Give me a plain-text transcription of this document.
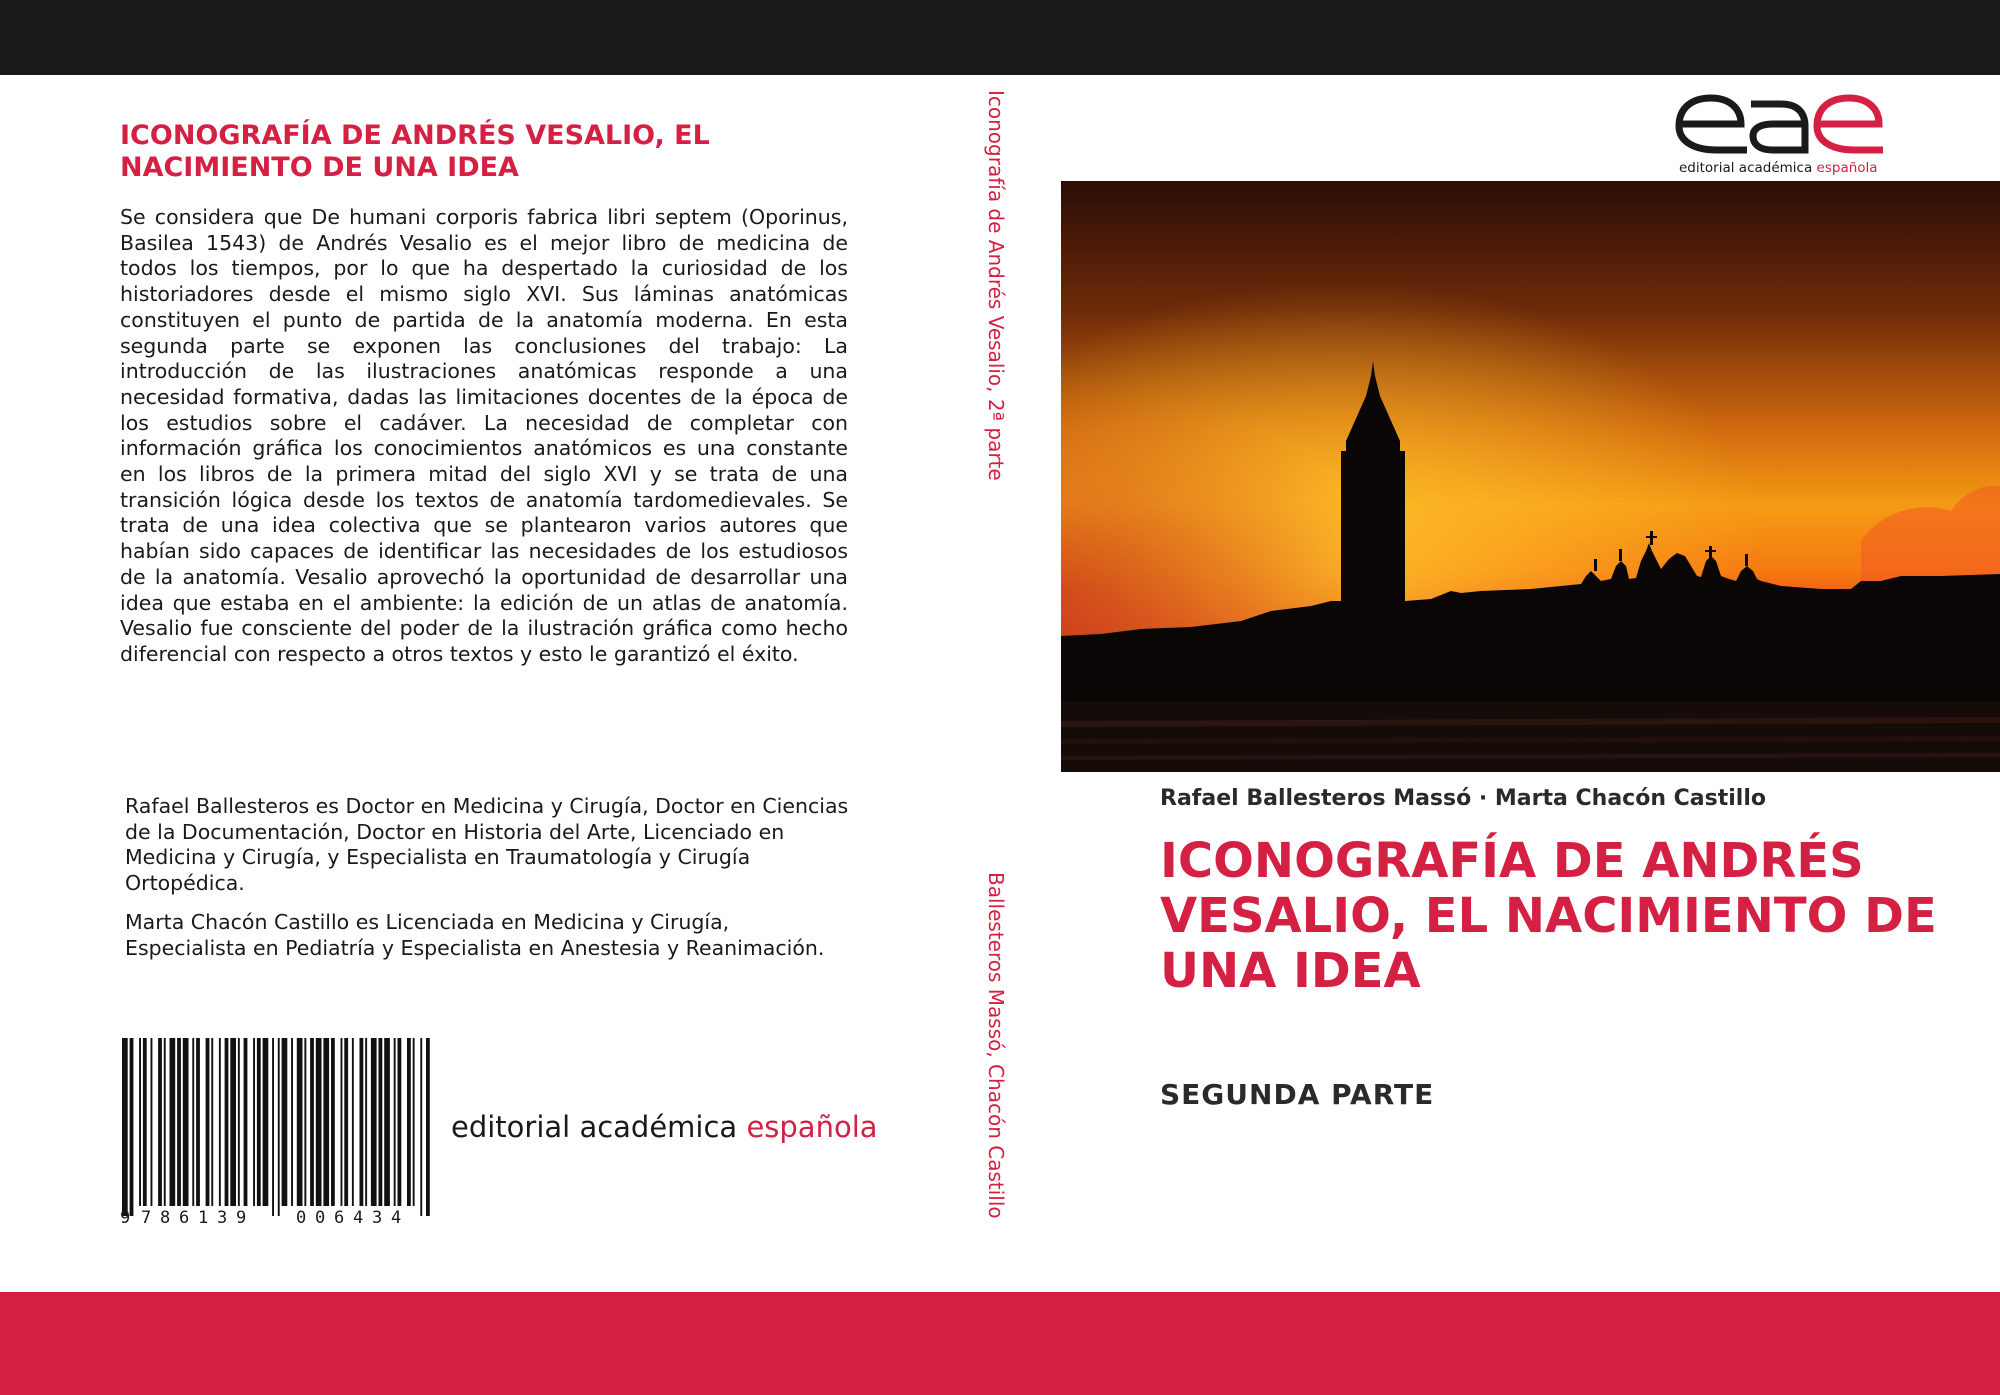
ICONOGRAFÍA DE ANDRÉS VESALIO, EL NACIMIENTO DE UNA IDEA
Se considera que De humani corporis fabrica libri septem (Oporinus, Basilea 1543) de Andrés Vesalio es el mejor libro de medicina de todos los tiempos, por lo que ha despertado la curiosidad de los historiadores desde el mismo siglo XVI. Sus láminas anatómicas constituyen el punto de partida de la anatomía moderna. En esta segunda parte se exponen las conclusiones del trabajo: La introducción de las ilustraciones anatómicas responde a una necesidad formativa, dadas las limitaciones docentes de la época de los estudios sobre el cadáver. La necesidad de completar con información gráfica los conocimientos anatómicos es una constante en los libros de la primera mitad del siglo XVI y se trata de una transición lógica desde los textos de anatomía tardomedievales. Se trata de una idea colectiva que se plantearon varios autores que habían sido capaces de identificar las necesidades de los estudiosos de la anatomía. Vesalio aprovechó la oportunidad de desarrollar una idea que estaba en el ambiente: la edición de un atlas de anatomía. Vesalio fue consciente del poder de la ilustración gráfica como hecho diferencial con respecto a otros textos y esto le garantizó el éxito.
Rafael Ballesteros es Doctor en Medicina y Cirugía, Doctor en Ciencias de la Documentación, Doctor en Historia del Arte, Licenciado en Medicina y Cirugía, y Especialista en Traumatología y Cirugía Ortopédica.
Marta Chacón Castillo es Licenciada en Medicina y Cirugía, Especialista en Pediatría y Especialista en Anestesia y Reanimación.
9 7 8 6 1 3 9	0 0 6 4 3 4
editorial académica española
Iconografía de Andrés Vesalio, 2ª parte
Ballesteros Massó, Chacón Castillo
editorial académica española
Rafael Ballesteros Massó · Marta Chacón Castillo
ICONOGRAFÍA DE ANDRÉS VESALIO, EL NACIMIENTO DE UNA IDEA
SEGUNDA PARTE
